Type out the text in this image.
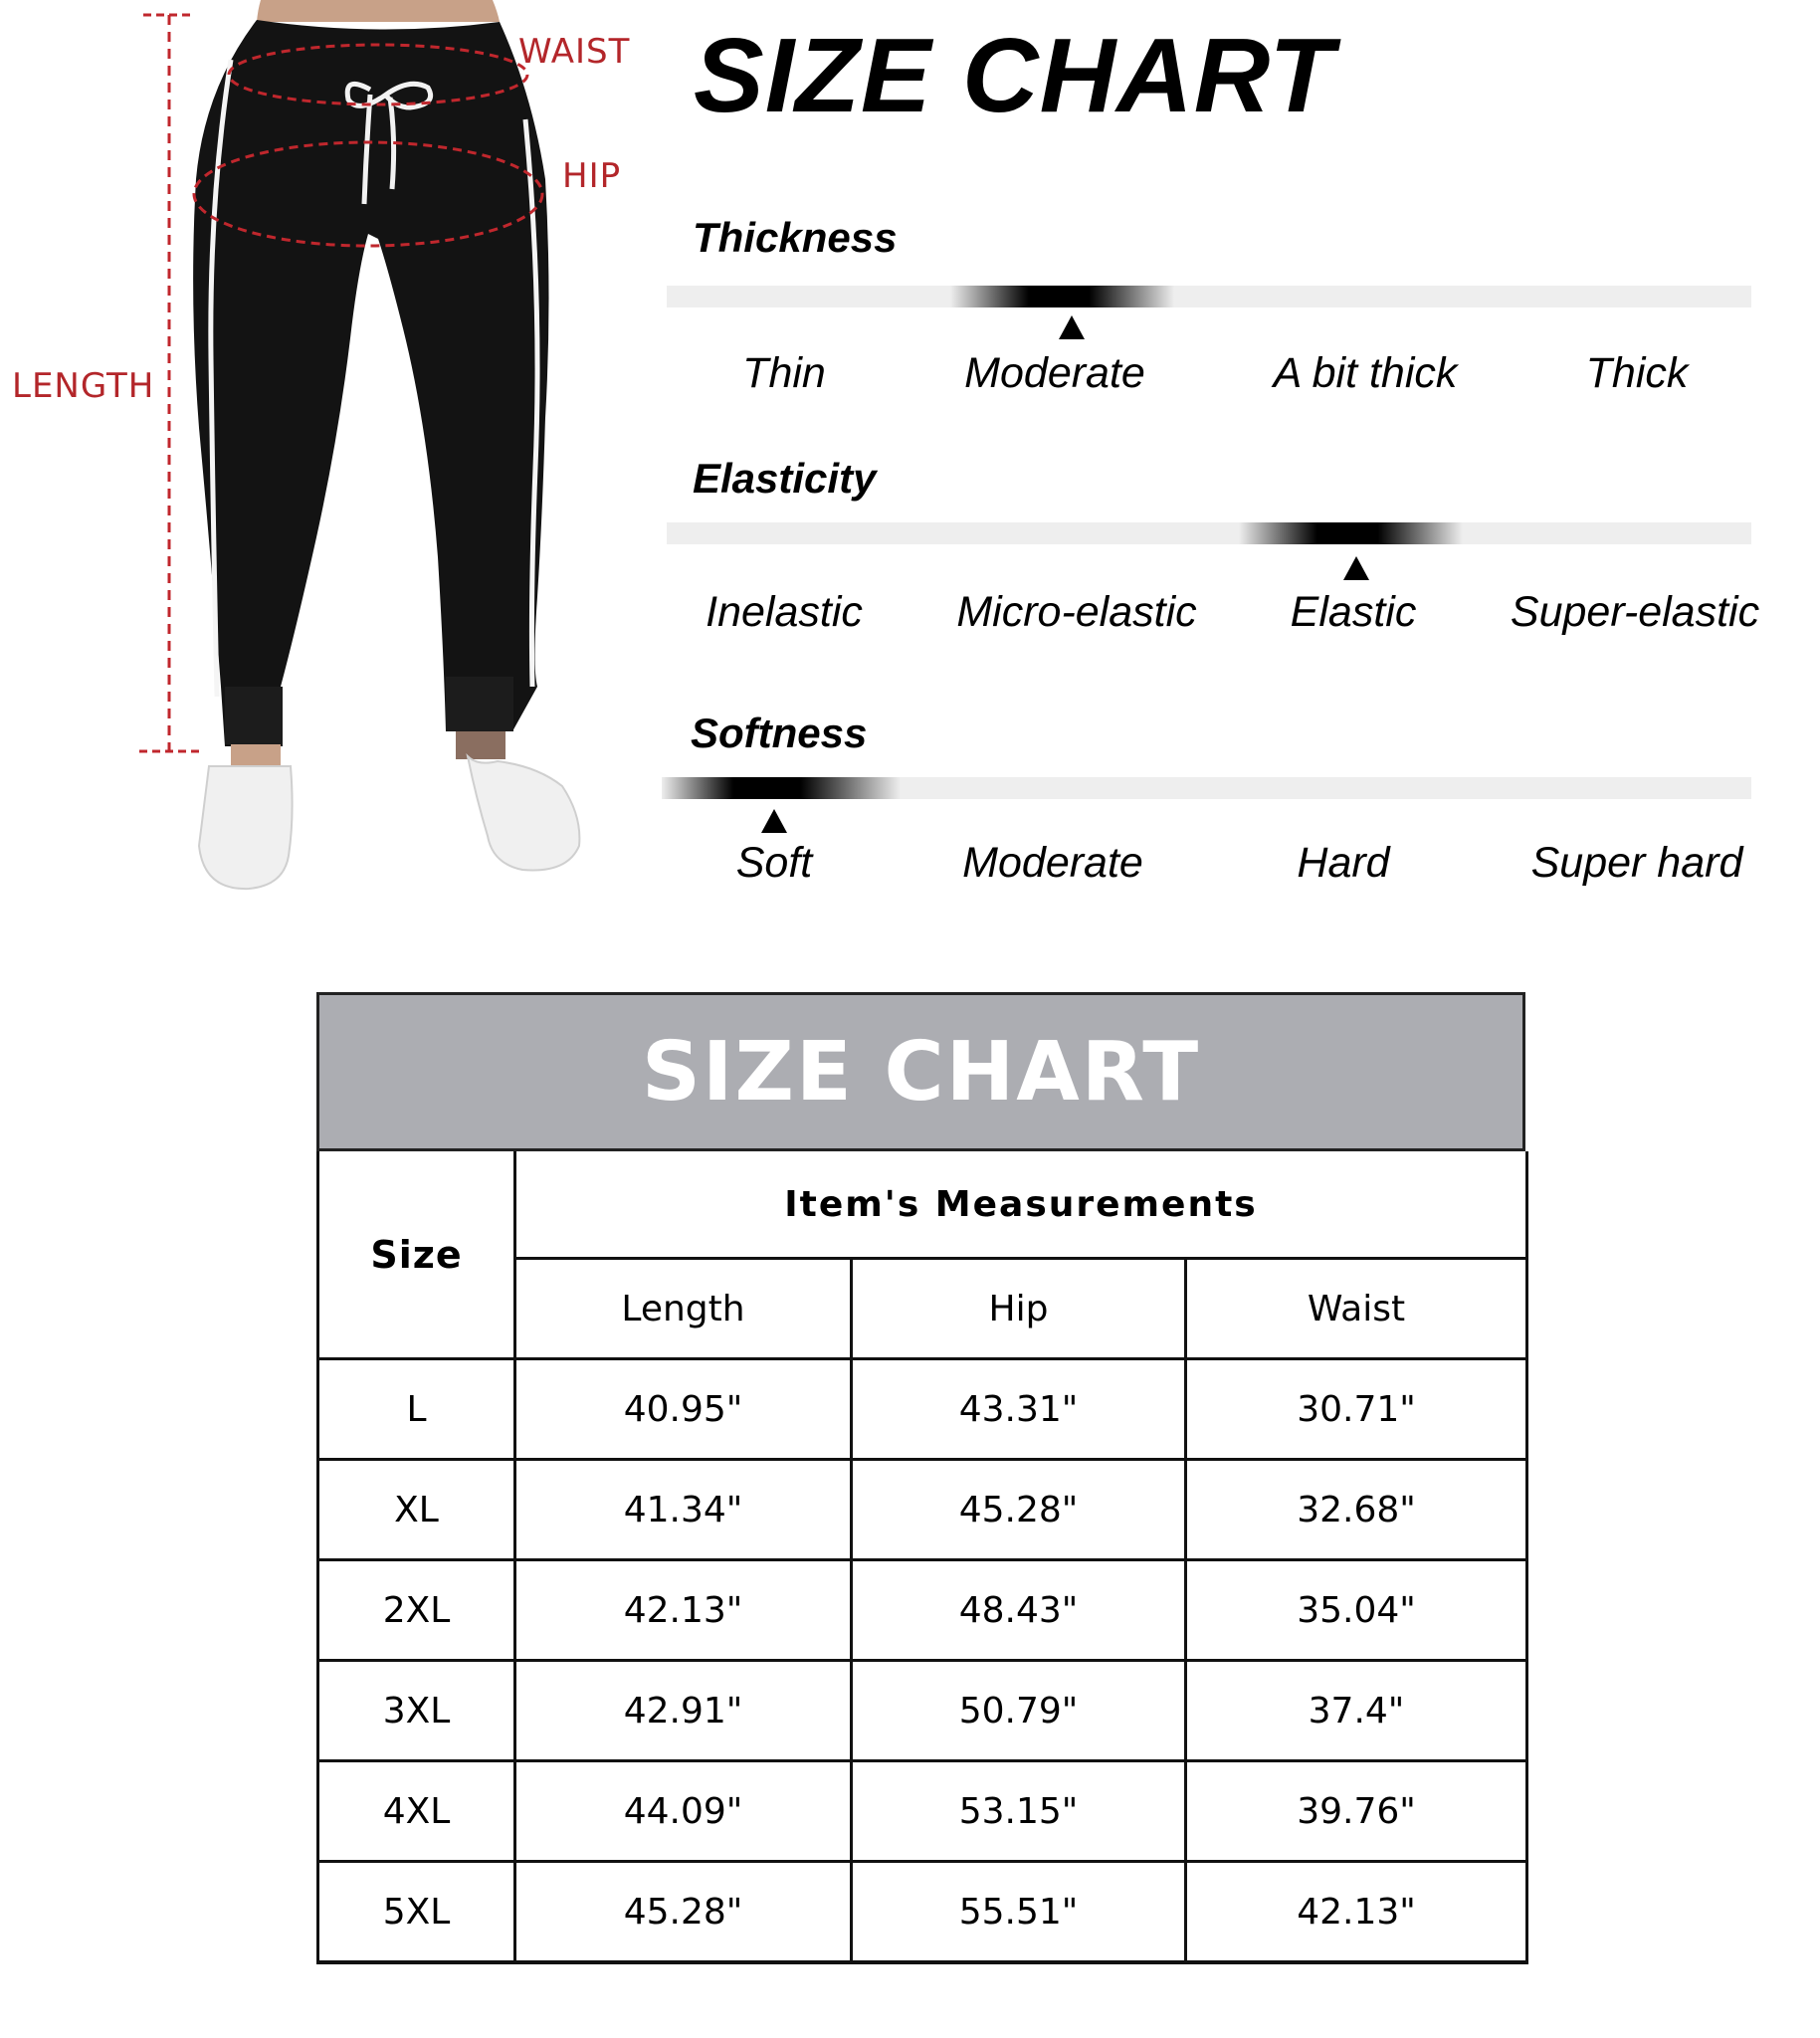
WAIST
HIP
LENGTH
SIZE CHART
Thickness
Thin	Moderate	A bit thick	Thick
Elasticity
Inelastic Micro-elastic Elastic Super-elastic
Softness
Soft	Moderate	Hard	Super hard
SIZE CHART
Size	Item's Measurements		
	Length	Hip	Waist
L	40.95"	43.31"	30.71"
XL	41.34"	45.28"	32.68"
2XL	42.13"	48.43"	35.04"
3XL	42.91"	50.79"	37.4"
4XL	44.09"	53.15"	39.76"
5XL	45.28"	55.51"	42.13"
